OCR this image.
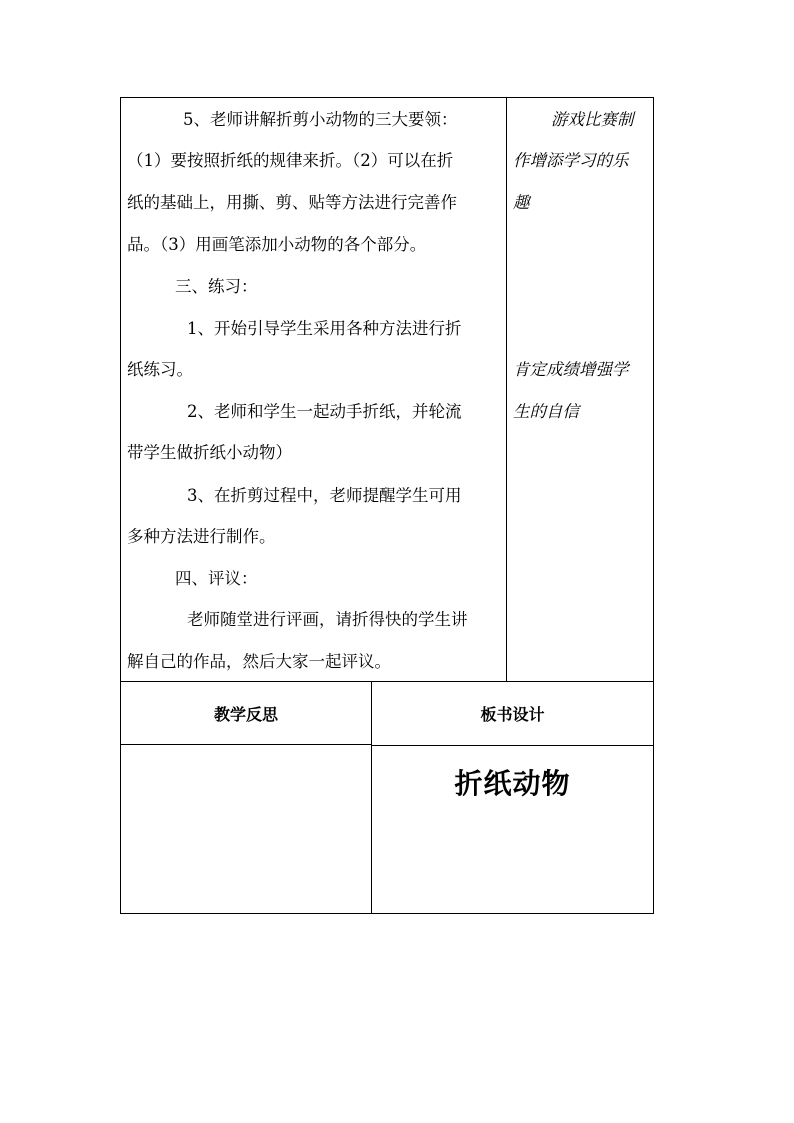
5、老师讲解折剪小动物的三大要领：
（1）要按照折纸的规律来折。（2）可以在折
纸的基础上，用撕、剪、贴等方法进行完善作
品。（3）用画笔添加小动物的各个部分。
三、练习：
1、开始引导学生采用各种方法进行折
纸练习。
2、老师和学生一起动手折纸，并轮流
带学生做折纸小动物）
3、在折剪过程中，老师提醒学生可用
多种方法进行制作。
四、评议：
老师随堂进行评画，请折得快的学生讲
解自己的作品，然后大家一起评议。
游戏比赛制
作增添学习的乐
趣
肯定成绩增强学
生的自信
教学反思	板书设计
折纸动物
